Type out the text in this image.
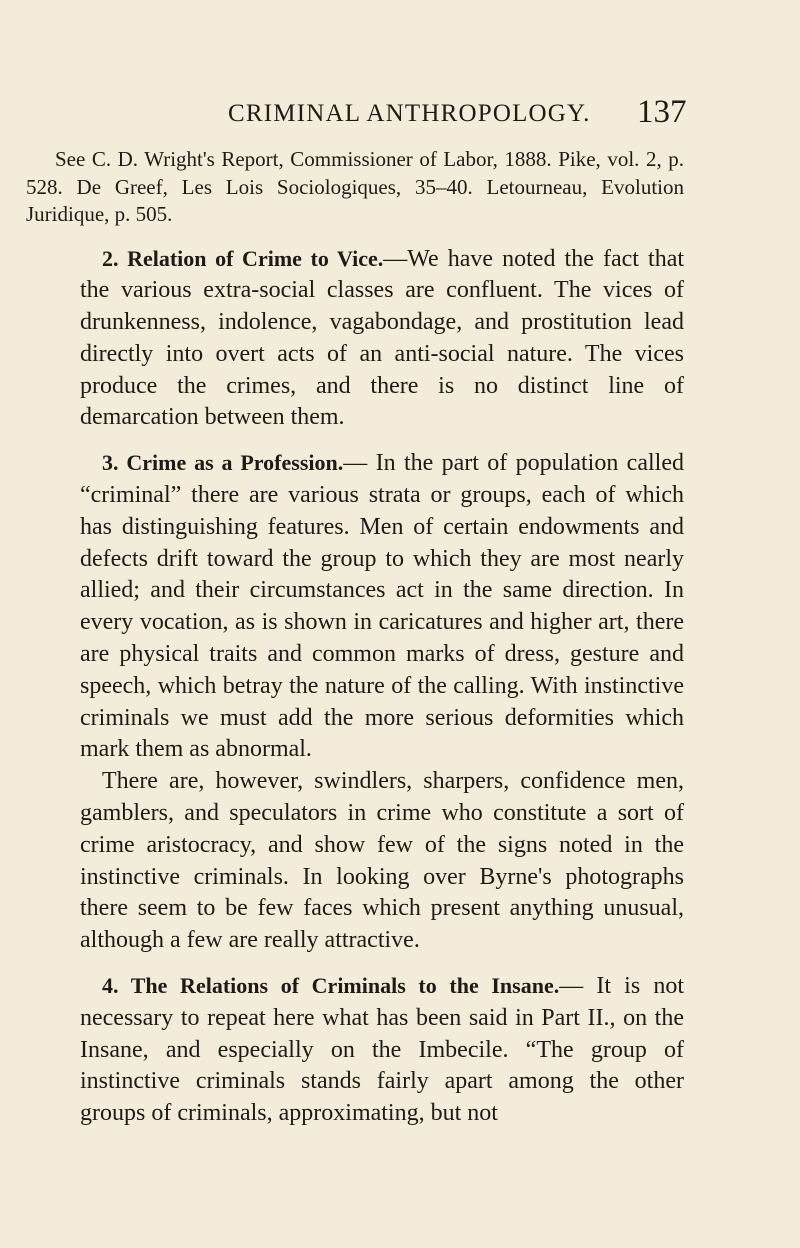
CRIMINAL ANTHROPOLOGY. 137

See C. D. Wright's Report, Commissioner of Labor, 1888. Pike, vol. 2, p. 528. De Greef, Les Lois Sociologiques, 35–40. Letourneau, Evolution Juridique, p. 505.

2. Relation of Crime to Vice.—We have noted the fact that the various extra-social classes are confluent. The vices of drunkenness, indolence, vagabondage, and prostitution lead directly into overt acts of an anti-social nature. The vices produce the crimes, and there is no distinct line of demarcation between them.

3. Crime as a Profession.— In the part of population called “criminal” there are various strata or groups, each of which has distinguishing features. Men of certain endowments and defects drift toward the group to which they are most nearly allied; and their circumstances act in the same direction. In every vocation, as is shown in caricatures and higher art, there are physical traits and common marks of dress, gesture and speech, which betray the nature of the calling. With instinctive criminals we must add the more serious deformities which mark them as abnormal.

There are, however, swindlers, sharpers, confidence men, gamblers, and speculators in crime who constitute a sort of crime aristocracy, and show few of the signs noted in the instinctive criminals. In looking over Byrne's photographs there seem to be few faces which present anything unusual, although a few are really attractive.

4. The Relations of Criminals to the Insane.— It is not necessary to repeat here what has been said in Part II., on the Insane, and especially on the Imbecile. “The group of instinctive criminals stands fairly apart among the other groups of criminals, approximating, but not
